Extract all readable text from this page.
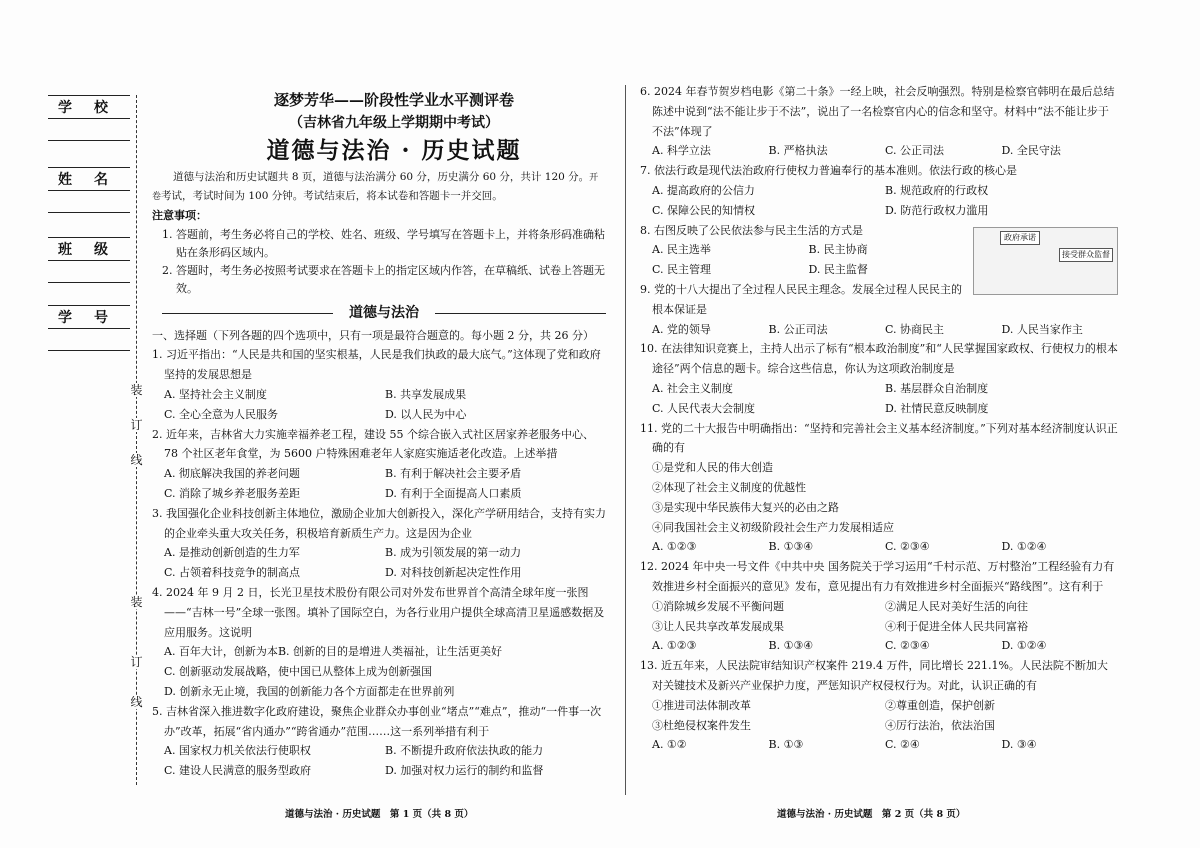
学校
姓名
班级
学号
装
订
线
装
订
线
逐梦芳华——阶段性学业水平测评卷
（吉林省九年级上学期期中考试）
道德与法治 · 历史试题
道德与法治和历史试题共 8 页，道德与法治满分 60 分，历史满分 60 分，共计 120 分。开卷考试，考试时间为 100 分钟。考试结束后，将本试卷和答题卡一并交回。
注意事项：
1. 答题前，考生务必将自己的学校、姓名、班级、学号填写在答题卡上，并将条形码准确粘贴在条形码区域内。
2. 答题时，考生务必按照考试要求在答题卡上的指定区域内作答，在草稿纸、试卷上答题无效。
道德与法治
一、选择题（下列各题的四个选项中，只有一项是最符合题意的。每小题 2 分，共 26 分）
1. 习近平指出：“人民是共和国的坚实根基，人民是我们执政的最大底气。”这体现了党和政府坚持的发展思想是
A. 坚持社会主义制度	B. 共享发展成果
C. 全心全意为人民服务	D. 以人民为中心
2. 近年来，吉林省大力实施幸福养老工程，建设 55 个综合嵌入式社区居家养老服务中心、78 个社区老年食堂，为 5600 户特殊困难老年人家庭实施适老化改造。上述举措
A. 彻底解决我国的养老问题	B. 有利于解决社会主要矛盾
C. 消除了城乡养老服务差距	D. 有利于全面提高人口素质
3. 我国强化企业科技创新主体地位，激励企业加大创新投入，深化产学研用结合，支持有实力的企业牵头重大攻关任务，积极培育新质生产力。这是因为企业
A. 是推动创新创造的生力军	B. 成为引领发展的第一动力
C. 占领着科技竞争的制高点	D. 对科技创新起决定性作用
4. 2024 年 9 月 2 日，长光卫星技术股份有限公司对外发布世界首个高清全球年度一张图——“吉林一号”全球一张图。填补了国际空白，为各行业用户提供全球高清卫星遥感数据及应用服务。这说明
A. 百年大计，创新为本 B. 创新的目的是增进人类福祉，让生活更美好
C. 创新驱动发展战略，使中国已从整体上成为创新强国
D. 创新永无止境，我国的创新能力各个方面都走在世界前列
5. 吉林省深入推进数字化政府建设，聚焦企业群众办事创业“堵点”“难点”，推动“一件事一次办”改革，拓展“省内通办”“跨省通办”范围……这一系列举措有利于
A. 国家权力机关依法行使职权	B. 不断提升政府依法执政的能力
C. 建设人民满意的服务型政府	D. 加强对权力运行的制约和监督
6. 2024 年春节贺岁档电影《第二十条》一经上映，社会反响强烈。特别是检察官韩明在最后总结陈述中说到“法不能让步于不法”，说出了一名检察官内心的信念和坚守。材料中“法不能让步于不法”体现了
A. 科学立法	B. 严格执法	C. 公正司法	D. 全民守法
7. 依法行政是现代法治政府行使权力普遍奉行的基本准则。依法行政的核心是
A. 提高政府的公信力	B. 规范政府的行政权
C. 保障公民的知情权	D. 防范行政权力滥用
政府承诺
接受群众监督
8. 右图反映了公民依法参与民主生活的方式是
A. 民主选举	B. 民主协商
C. 民主管理	D. 民主监督
9. 党的十八大提出了全过程人民民主理念。发展全过程人民民主的根本保证是
A. 党的领导	B. 公正司法	C. 协商民主	D. 人民当家作主
10. 在法律知识竞赛上，主持人出示了标有“根本政治制度”和“人民掌握国家政权、行使权力的根本途径”两个信息的题卡。综合这些信息，你认为这项政治制度是
A. 社会主义制度	B. 基层群众自治制度
C. 人民代表大会制度	D. 社情民意反映制度
11. 党的二十大报告中明确指出：“坚持和完善社会主义基本经济制度。”下列对基本经济制度认识正确的有
①是党和人民的伟大创造
②体现了社会主义制度的优越性
③是实现中华民族伟大复兴的必由之路
④同我国社会主义初级阶段社会生产力发展相适应
A. ①②③	B. ①③④	C. ②③④	D. ①②④
12. 2024 年中央一号文件《中共中央 国务院关于学习运用“千村示范、万村整治”工程经验有力有效推进乡村全面振兴的意见》发布，意见提出有力有效推进乡村全面振兴“路线图”。这有利于
①消除城乡发展不平衡问题	②满足人民对美好生活的向往
③让人民共享改革发展成果	④利于促进全体人民共同富裕
A. ①②③	B. ①③④	C. ②③④	D. ①②④
13. 近五年来，人民法院审结知识产权案件 219.4 万件，同比增长 221.1%。人民法院不断加大对关键技术及新兴产业保护力度，严惩知识产权侵权行为。对此，认识正确的有
①推进司法体制改革	②尊重创造，保护创新
③杜绝侵权案件发生	④厉行法治，依法治国
A. ①②	B. ①③	C. ②④	D. ③④
道德与法治 · 历史试题　第 1 页（共 8 页）	道德与法治 · 历史试题　第 2 页（共 8 页）
